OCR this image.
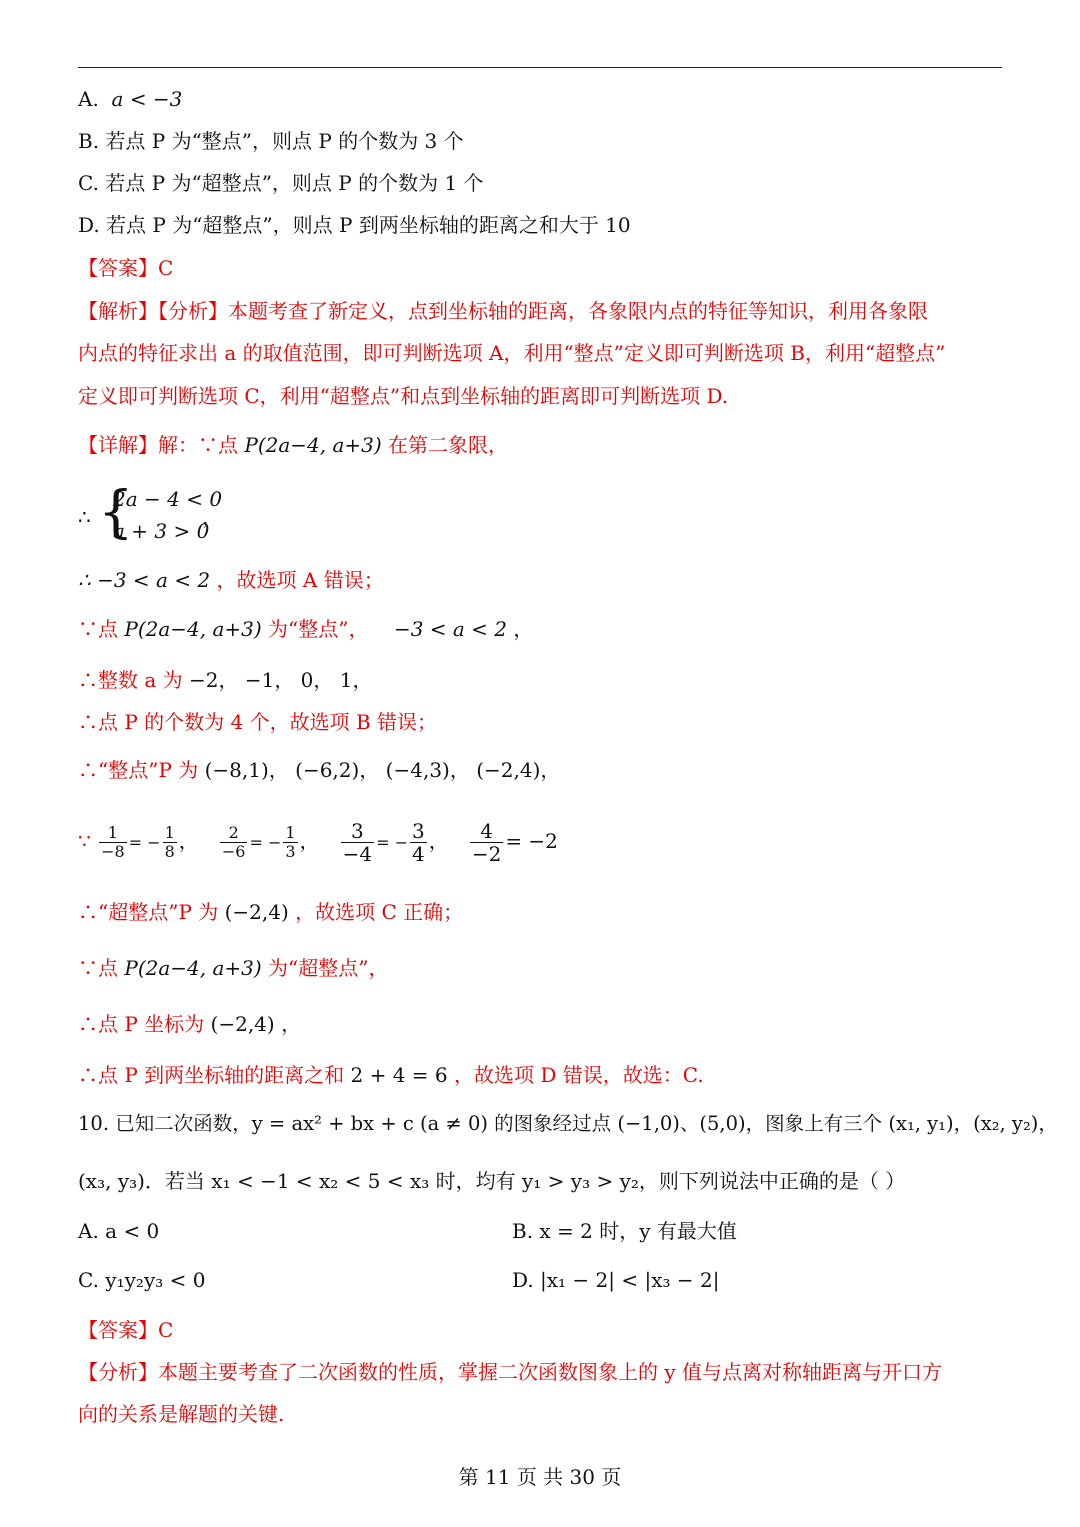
A. a < −3
B. 若点 P 为“整点”，则点 P 的个数为 3 个
C. 若点 P 为“超整点”，则点 P 的个数为 1 个
D. 若点 P 为“超整点”，则点 P 到两坐标轴的距离之和大于 10
【答案】C
【解析】【分析】本题考查了新定义，点到坐标轴的距离，各象限内点的特征等知识，利用各象限
内点的特征求出 a 的取值范围，即可判断选项 A，利用“整点”定义即可判断选项 B，利用“超整点”
定义即可判断选项 C，利用“超整点”和点到坐标轴的距离即可判断选项 D.
【详解】解：∵点 P(2a−4, a+3) 在第二象限，
∴ {
2a − 4 < 0
a + 3 > 0
，
∴ −3 < a < 2 ，故选项 A 错误；
∵点 P(2a−4, a+3) 为“整点”， −3 < a < 2 ，
∴整数 a 为 −2， −1， 0， 1，
∴点 P 的个数为 4 个，故选项 B 错误；
∴“整点”P 为 (−8,1)， (−6,2)， (−4,3)， (−2,4)，
∵ $\frac{1}{-8}$ = − $\frac{1}{8}$ ， $\frac{2}{-6}$ = − $\frac{1}{3}$ ， $\frac{3}{-4}$ = − $\frac{3}{4}$ ， $\frac{4}{-2} = -2$
∴“超整点”P 为 (−2,4) ，故选项 C 正确；
∵点 P(2a−4, a+3) 为“超整点”，
∴点 P 坐标为 (−2,4) ，
∴点 P 到两坐标轴的距离之和 2 + 4 = 6 ，故选项 D 错误，故选：C.
10. 已知二次函数，y = ax² + bx + c (a ≠ 0) 的图象经过点 (−1,0)、(5,0)，图象上有三个 (x₁, y₁)，(x₂, y₂)，
(x₃, y₃)．若当 x₁ < −1 < x₂ < 5 < x₃ 时，均有 y₁ > y₃ > y₂，则下列说法中正确的是（ ）
A. a < 0	B. x = 2 时，y 有最大值
C. y₁y₂y₃ < 0	D. |x₁ − 2| < |x₃ − 2|
【答案】C
【分析】本题主要考查了二次函数的性质，掌握二次函数图象上的 y 值与点离对称轴距离与开口方
向的关系是解题的关键.
第 11 页 共 30 页
